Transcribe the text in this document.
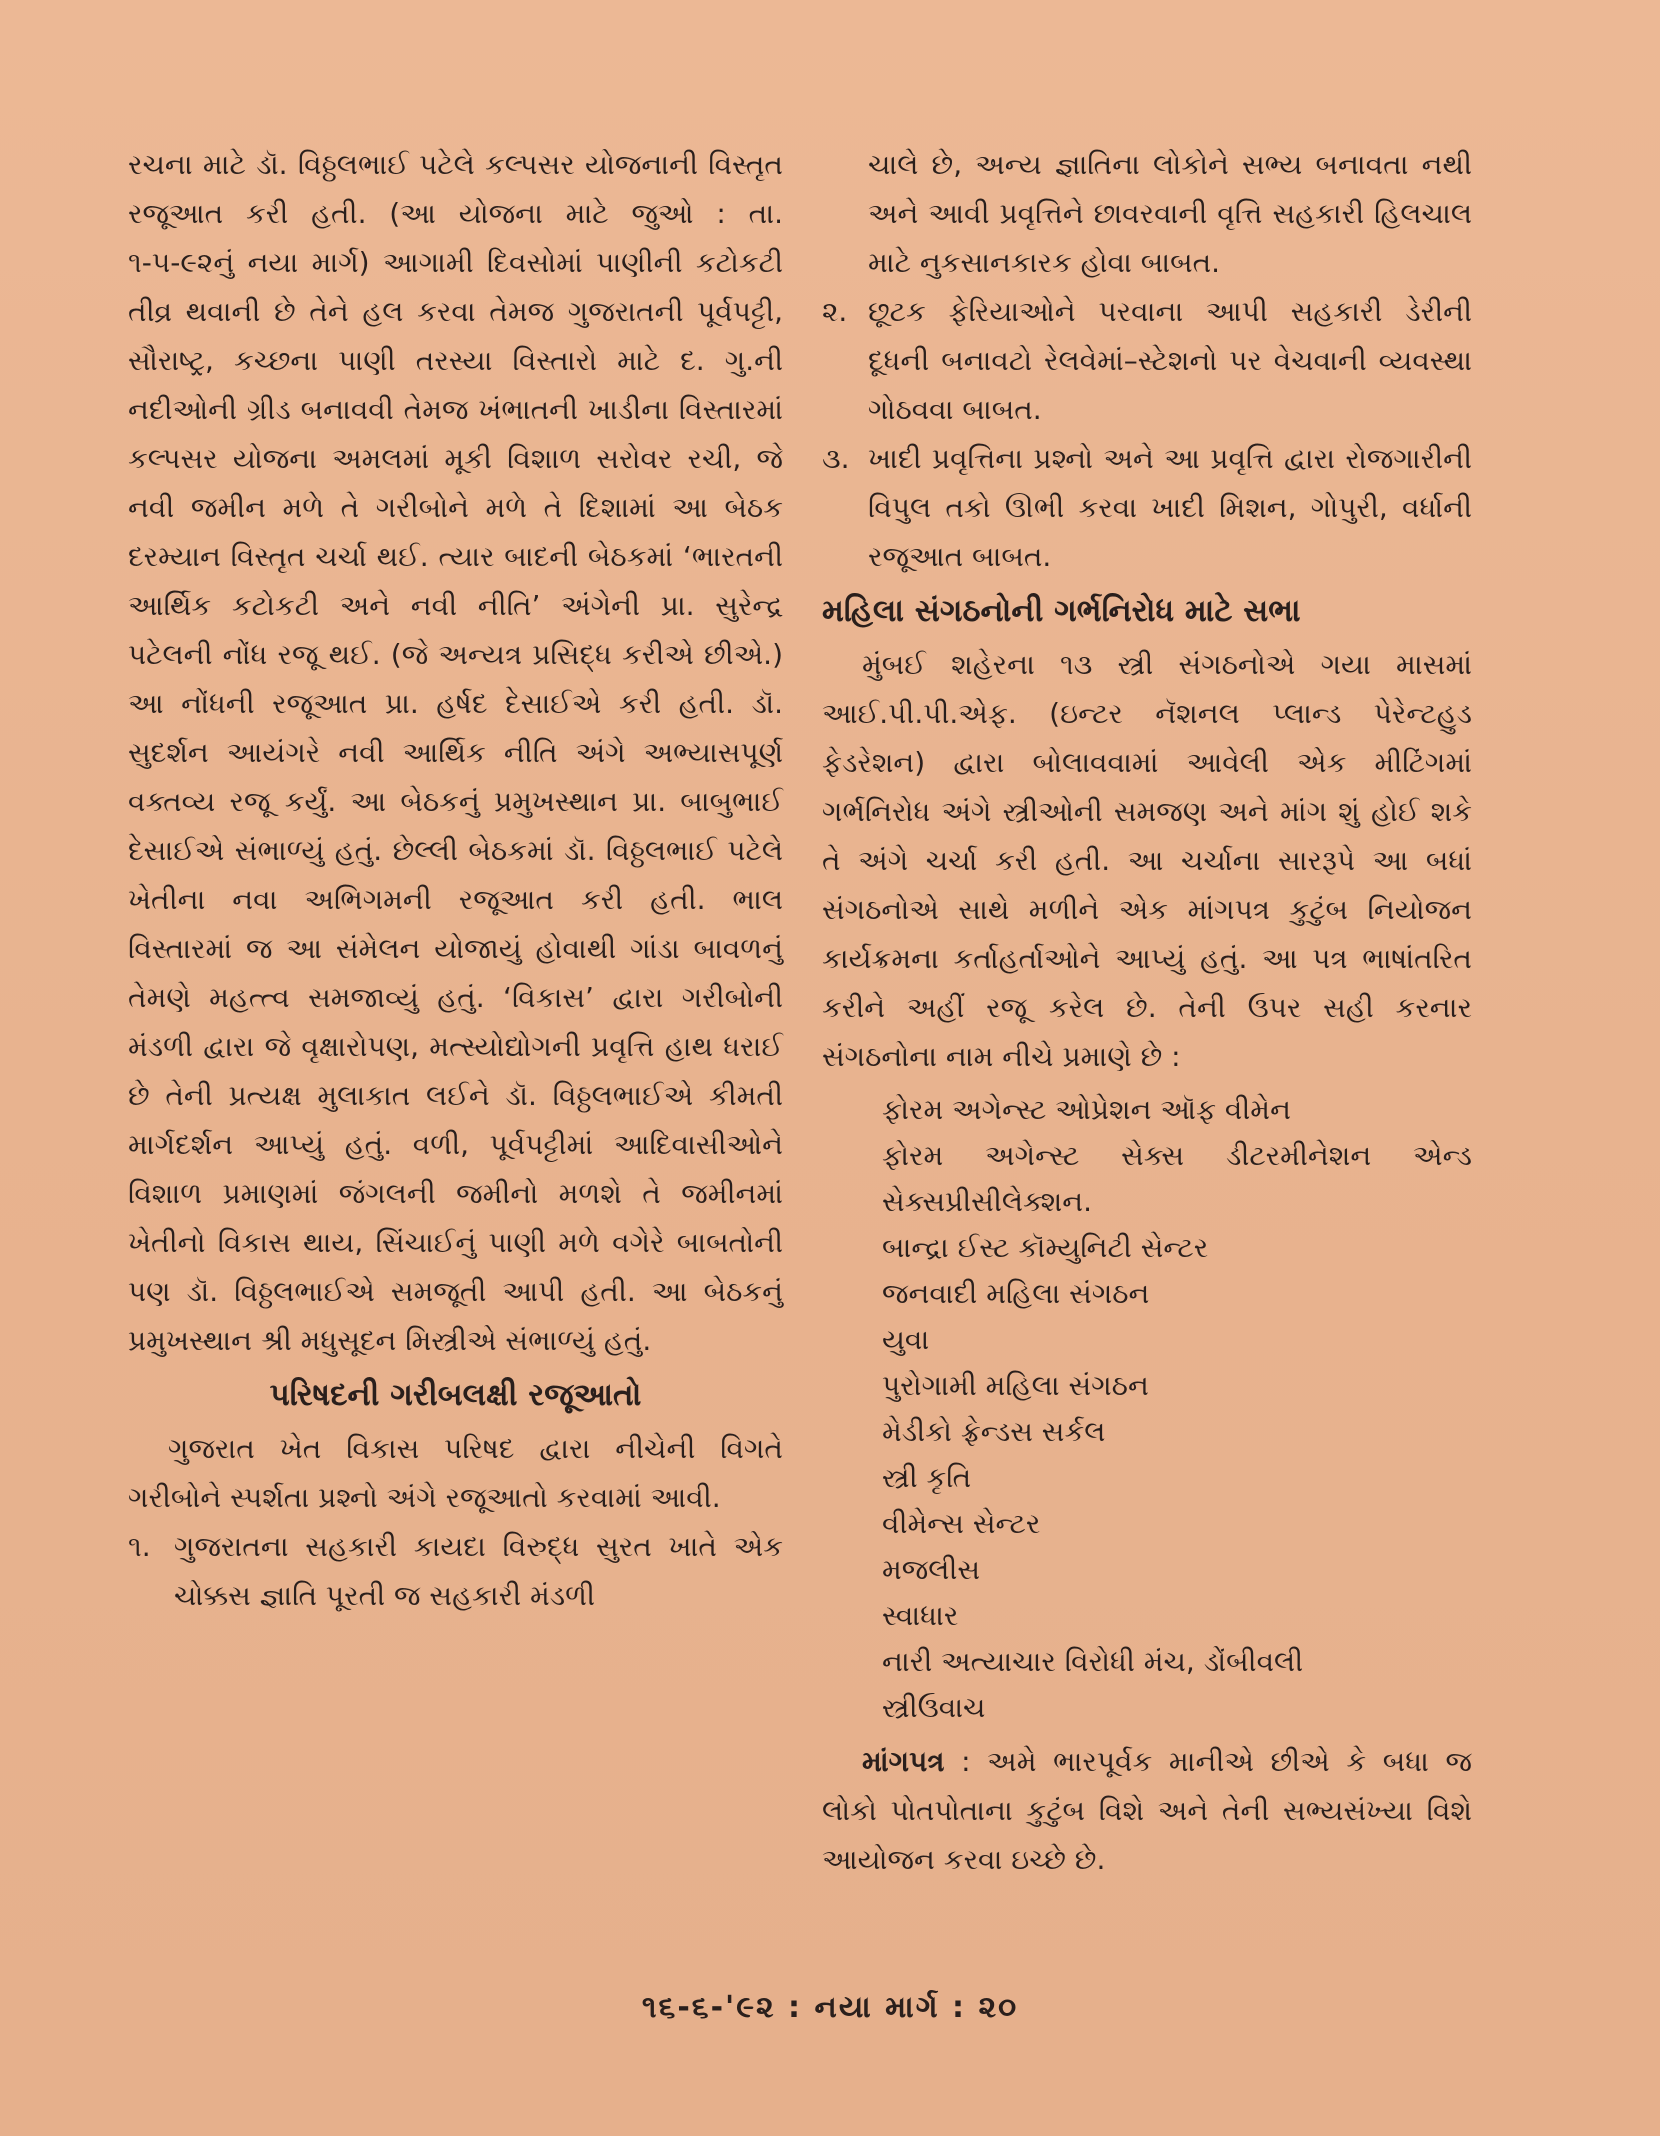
રચના માટે ડૉ. વિઠ્ઠલભાઈ પટેલે કલ્પસર યોજનાની વિસ્તૃત રજૂઆત કરી હતી. (આ યોજના માટે જુઓ : તા. ૧-૫-૯૨નું નયા માર્ગ) આગામી દિવસોમાં પાણીની કટોકટી તીવ્ર થવાની છે તેને હલ કરવા તેમજ ગુજરાતની પૂર્વપટ્ટી, સૌરાષ્ટ્ર, કચ્છના પાણી તરસ્યા વિસ્તારો માટે દ. ગુ.ની નદીઓની ગ્રીડ બનાવવી તેમજ ખંભાતની ખાડીના વિસ્તારમાં કલ્પસર યોજના અમલમાં મૂકી વિશાળ સરોવર રચી, જે નવી જમીન મળે તે ગરીબોને મળે તે દિશામાં આ બેઠક દરમ્યાન વિસ્તૃત ચર્ચા થઈ. ત્યાર બાદની બેઠકમાં ‘ભારતની આર્થિક કટોકટી અને નવી નીતિ’ અંગેની પ્રા. સુરેન્દ્ર પટેલની નોંધ રજૂ થઈ. (જે અન્યત્ર પ્રસિદ્ધ કરીએ છીએ.) આ નોંધની રજૂઆત પ્રા. હર્ષદ દેસાઈએ કરી હતી. ડૉ. સુદર્શન આયંગરે નવી આર્થિક નીતિ અંગે અભ્યાસપૂર્ણ વક્તવ્ય રજૂ કર્યું. આ બેઠકનું પ્રમુખસ્થાન પ્રા. બાબુભાઈ દેસાઈએ સંભાળ્યું હતું. છેલ્લી બેઠકમાં ડૉ. વિઠ્ઠલભાઈ પટેલે ખેતીના નવા અભિગમની રજૂઆત કરી હતી. ભાલ વિસ્તારમાં જ આ સંમેલન યોજાયું હોવાથી ગાંડા બાવળનું તેમણે મહત્ત્વ સમજાવ્યું હતું. ‘વિકાસ’ દ્વારા ગરીબોની મંડળી દ્વારા જે વૃક્ષારોપણ, મત્સ્યોદ્યોગની પ્રવૃત્તિ હાથ ધરાઈ છે તેની પ્રત્યક્ષ મુલાકાત લઈને ડૉ. વિઠ્ઠલભાઈએ કીમતી માર્ગદર્શન આપ્યું હતું. વળી, પૂર્વપટ્ટીમાં આદિવાસીઓને વિશાળ પ્રમાણમાં જંગલની જમીનો મળશે તે જમીનમાં ખેતીનો વિકાસ થાય, સિંચાઈનું પાણી મળે વગેરે બાબતોની પણ ડૉ. વિઠ્ઠલભાઈએ સમજૂતી આપી હતી. આ બેઠકનું પ્રમુખસ્થાન શ્રી મધુસૂદન મિસ્ત્રીએ સંભાળ્યું હતું.

પરિષદની ગરીબલક્ષી રજૂઆતો

ગુજરાત ખેત વિકાસ પરિષદ દ્વારા નીચેની વિગતે ગરીબોને સ્પર્શતા પ્રશ્નો અંગે રજૂઆતો કરવામાં આવી.

૧. ગુજરાતના સહકારી કાયદા વિરુદ્ધ સુરત ખાતે એક ચોક્કસ જ્ઞાતિ પૂરતી જ સહકારી મંડળી
ચાલે છે, અન્ય જ્ઞાતિના લોકોને સભ્ય બનાવતા નથી અને આવી પ્રવૃત્તિને છાવરવાની વૃત્તિ સહકારી હિલચાલ માટે નુકસાનકારક હોવા બાબત.
૨. છૂટક ફેરિયાઓને પરવાના આપી સહકારી ડેરીની દૂધની બનાવટો રેલવેમાં–સ્ટેશનો પર વેચવાની વ્યવસ્થા ગોઠવવા બાબત.
૩. ખાદી પ્રવૃત્તિના પ્રશ્નો અને આ પ્રવૃત્તિ દ્વારા રોજગારીની વિપુલ તકો ઊભી કરવા ખાદી મિશન, ગોપુરી, વર્ધાની રજૂઆત બાબત.
મહિલા સંગઠનોની ગર્ભનિરોધ માટે સભા

મુંબઈ શહેરના ૧૩ સ્ત્રી સંગઠનોએ ગયા માસમાં આઈ.પી.પી.એફ. (ઇન્ટર નૅશનલ પ્લાન્ડ પેરેન્ટહુડ ફેડરેશન) દ્વારા બોલાવવામાં આવેલી એક મીટિંગમાં ગર્ભનિરોધ અંગે સ્ત્રીઓની સમજણ અને માંગ શું હોઈ શકે તે અંગે ચર્ચા કરી હતી. આ ચર્ચાના સારરૂપે આ બધાં સંગઠનોએ સાથે મળીને એક માંગપત્ર કુટુંબ નિયોજન કાર્યક્રમના કર્તાહર્તાઓને આપ્યું હતું. આ પત્ર ભાષાંતરિત કરીને અહીં રજૂ કરેલ છે. તેની ઉપર સહી કરનાર સંગઠનોના નામ નીચે પ્રમાણે છે :

ફોરમ અગેન્સ્ટ ઓપ્રેશન ઑફ વીમેન
ફોરમ અગેન્સ્ટ સેક્સ ડીટરમીનેશન એન્ડ સેક્સપ્રીસીલેક્શન.
બાન્દ્રા ઈસ્ટ કૉમ્યુનિટી સેન્ટર
જનવાદી મહિલા સંગઠન
યુવા
પુરોગામી મહિલા સંગઠન
મેડીકો ફ્રેન્ડસ સર્કલ
સ્ત્રી કૃતિ
વીમેન્સ સેન્ટર
મજલીસ
સ્વાધાર
નારી અત્યાચાર વિરોધી મંચ, ડોંબીવલી
સ્ત્રીઉવાચ

માંગપત્ર : અમે ભારપૂર્વક માનીએ છીએ કે બધા જ લોકો પોતપોતાના કુટુંબ વિશે અને તેની સભ્યસંખ્યા વિશે આયોજન કરવા ઇચ્છે છે.

૧૬-૬-'૯૨ : નયા માર્ગ : ૨૦
